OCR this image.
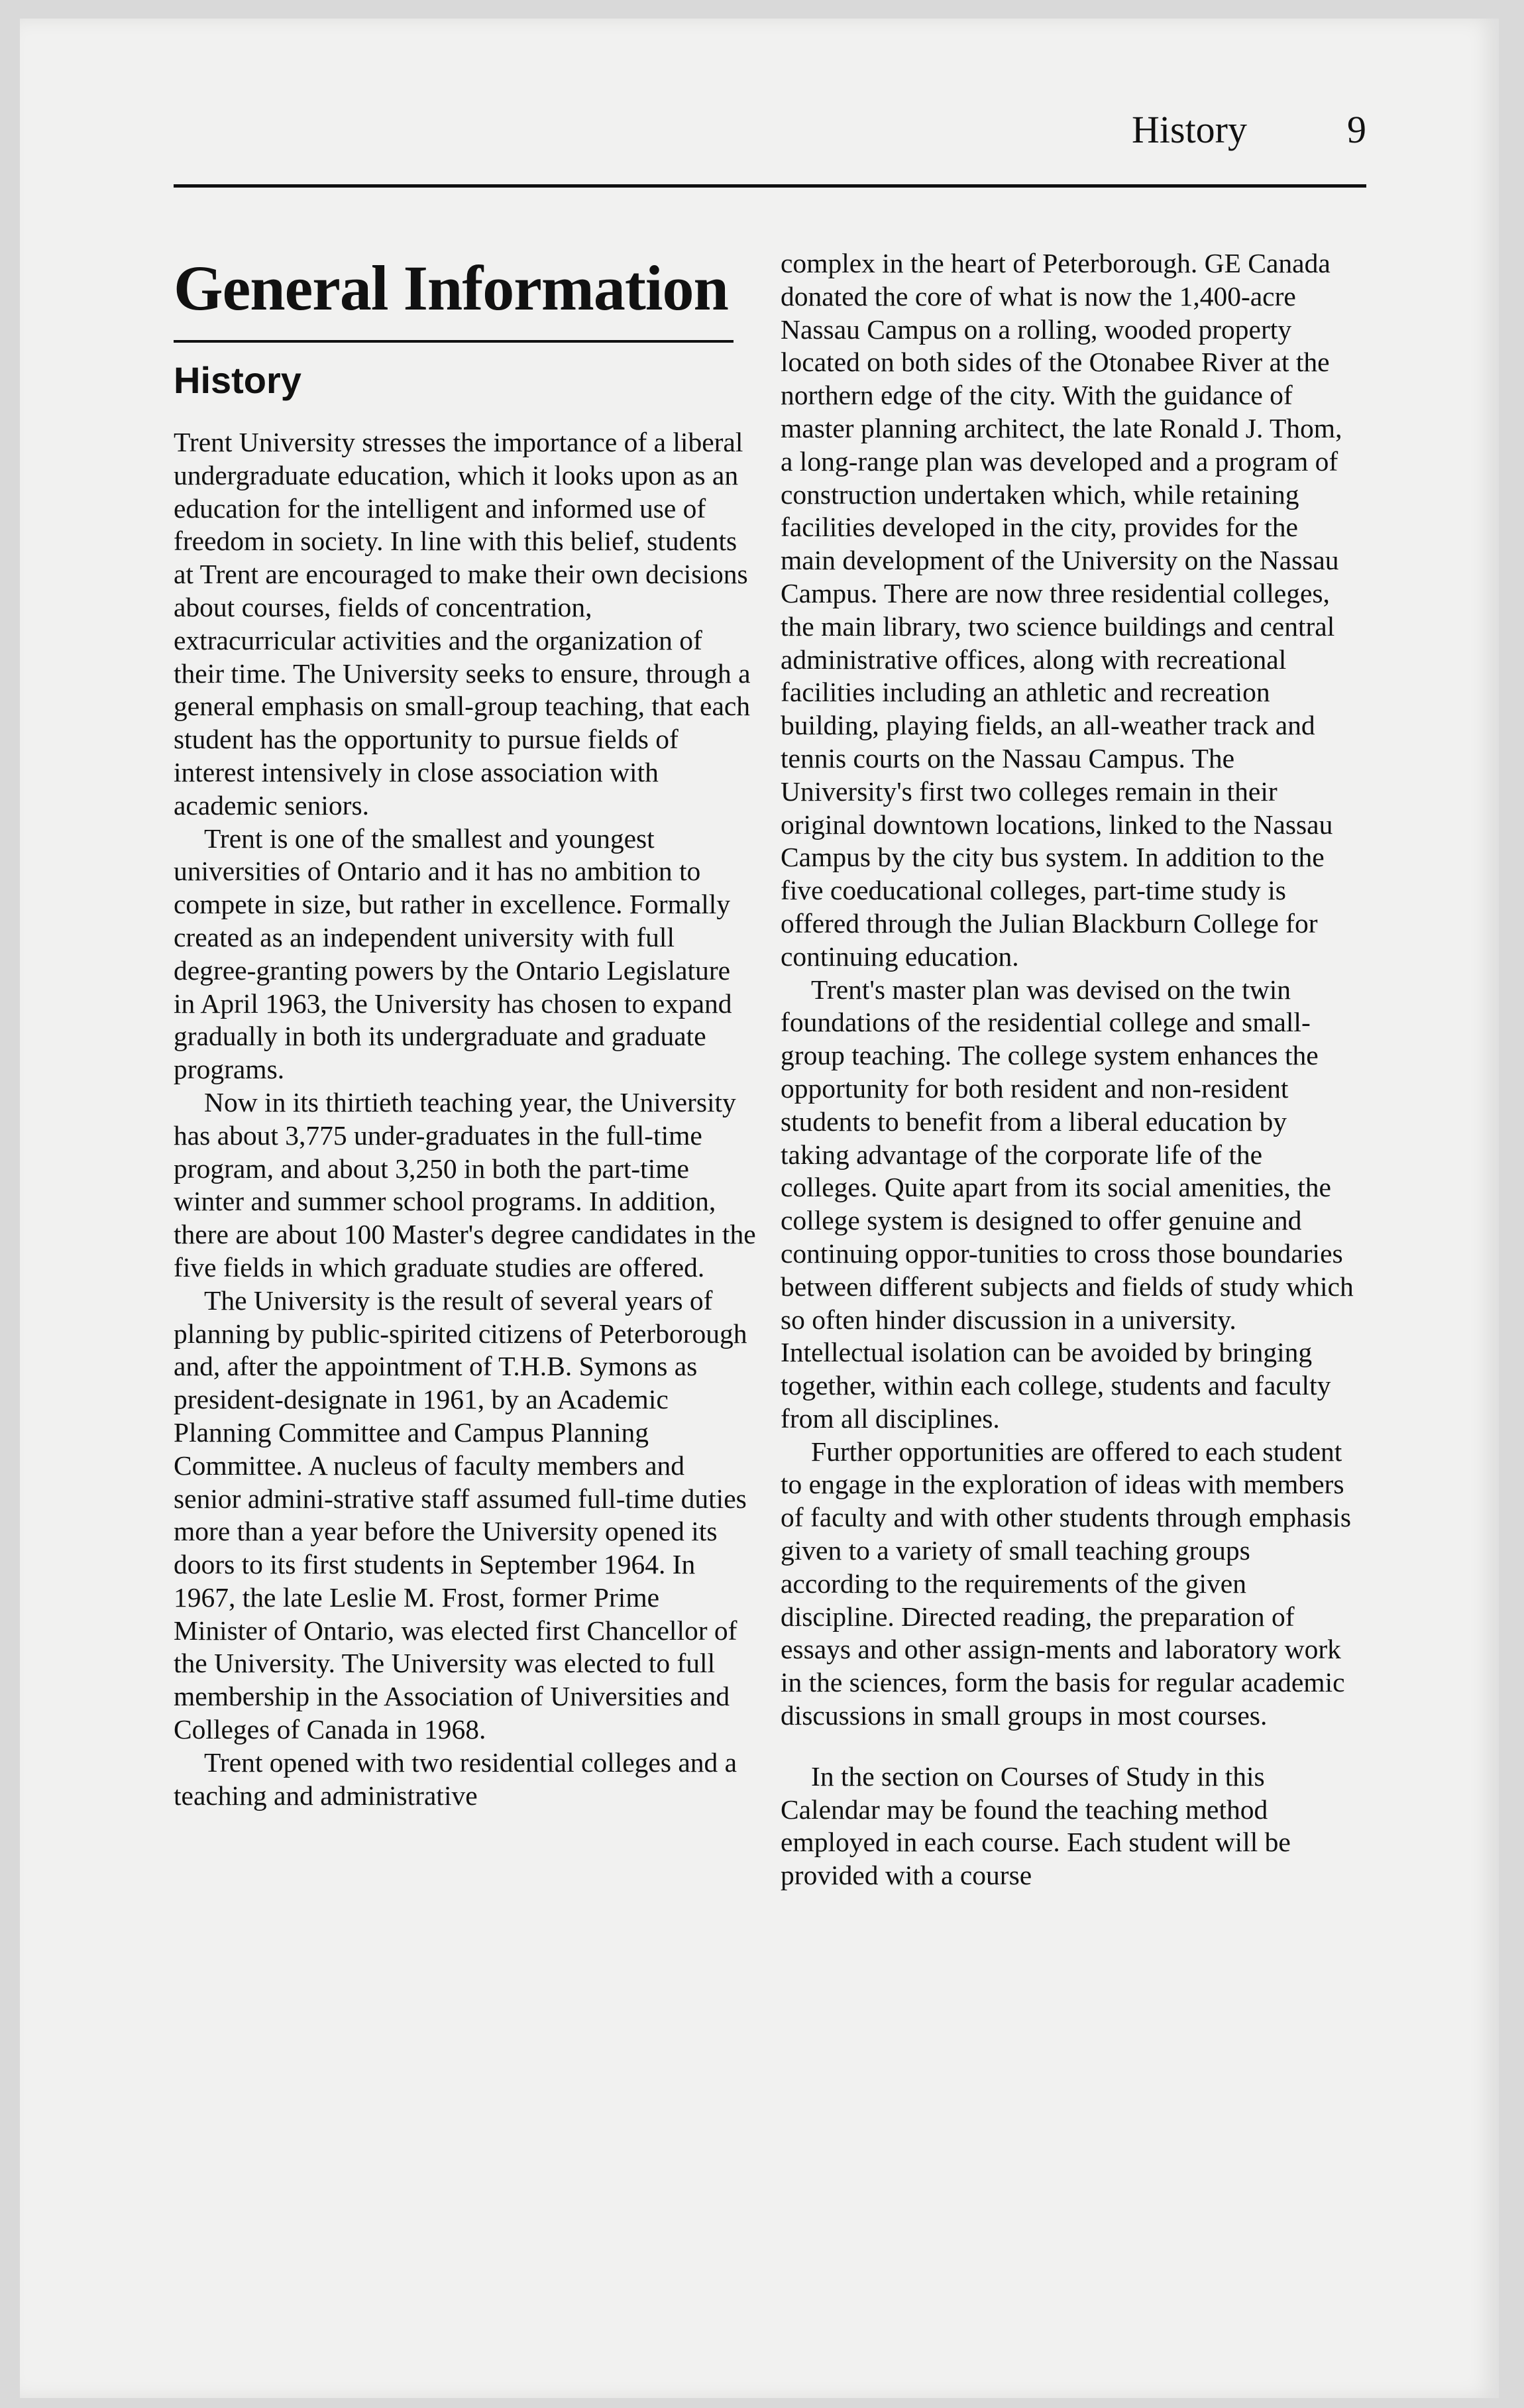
History	9
General Information
History

Trent University stresses the importance of a liberal undergraduate education, which it looks upon as an education for the intelligent and informed use of freedom in society. In line with this belief, students at Trent are encouraged to make their own decisions about courses, fields of concentration, extracurricular activities and the organization of their time. The University seeks to ensure, through a general emphasis on small-group teaching, that each student has the opportunity to pursue fields of interest intensively in close association with academic seniors.

Trent is one of the smallest and youngest universities of Ontario and it has no ambition to compete in size, but rather in excellence. Formally created as an independent university with full degree-granting powers by the Ontario Legislature in April 1963, the University has chosen to expand gradually in both its undergraduate and graduate programs.

Now in its thirtieth teaching year, the University has about 3,775 under-graduates in the full-time program, and about 3,250 in both the part-time winter and summer school programs. In addition, there are about 100 Master's degree candidates in the five fields in which graduate studies are offered.

The University is the result of several years of planning by public-spirited citizens of Peterborough and, after the appointment of T.H.B. Symons as president-designate in 1961, by an Academic Planning Committee and Campus Planning Committee. A nucleus of faculty members and senior admini-strative staff assumed full-time duties more than a year before the University opened its doors to its first students in September 1964. In 1967, the late Leslie M. Frost, former Prime Minister of Ontario, was elected first Chancellor of the University. The University was elected to full membership in the Association of Universities and Colleges of Canada in 1968.

Trent opened with two residential colleges and a teaching and administrative

complex in the heart of Peterborough. GE Canada donated the core of what is now the 1,400-acre Nassau Campus on a rolling, wooded property located on both sides of the Otonabee River at the northern edge of the city. With the guidance of master planning architect, the late Ronald J. Thom, a long-range plan was developed and a program of construction undertaken which, while retaining facilities developed in the city, provides for the main development of the University on the Nassau Campus. There are now three residential colleges, the main library, two science buildings and central administrative offices, along with recreational facilities including an athletic and recreation building, playing fields, an all-weather track and tennis courts on the Nassau Campus. The University's first two colleges remain in their original downtown locations, linked to the Nassau Campus by the city bus system. In addition to the five coeducational colleges, part-time study is offered through the Julian Blackburn College for continuing education.

Trent's master plan was devised on the twin foundations of the residential college and small-group teaching. The college system enhances the opportunity for both resident and non-resident students to benefit from a liberal education by taking advantage of the corporate life of the colleges. Quite apart from its social amenities, the college system is designed to offer genuine and continuing oppor-tunities to cross those boundaries between different subjects and fields of study which so often hinder discussion in a university. Intellectual isolation can be avoided by bringing together, within each college, students and faculty from all disciplines.

Further opportunities are offered to each student to engage in the exploration of ideas with members of faculty and with other students through emphasis given to a variety of small teaching groups according to the requirements of the given discipline. Directed reading, the preparation of essays and other assign-ments and laboratory work in the sciences, form the basis for regular academic discussions in small groups in most courses.

In the section on Courses of Study in this Calendar may be found the teaching method employed in each course. Each student will be provided with a course
